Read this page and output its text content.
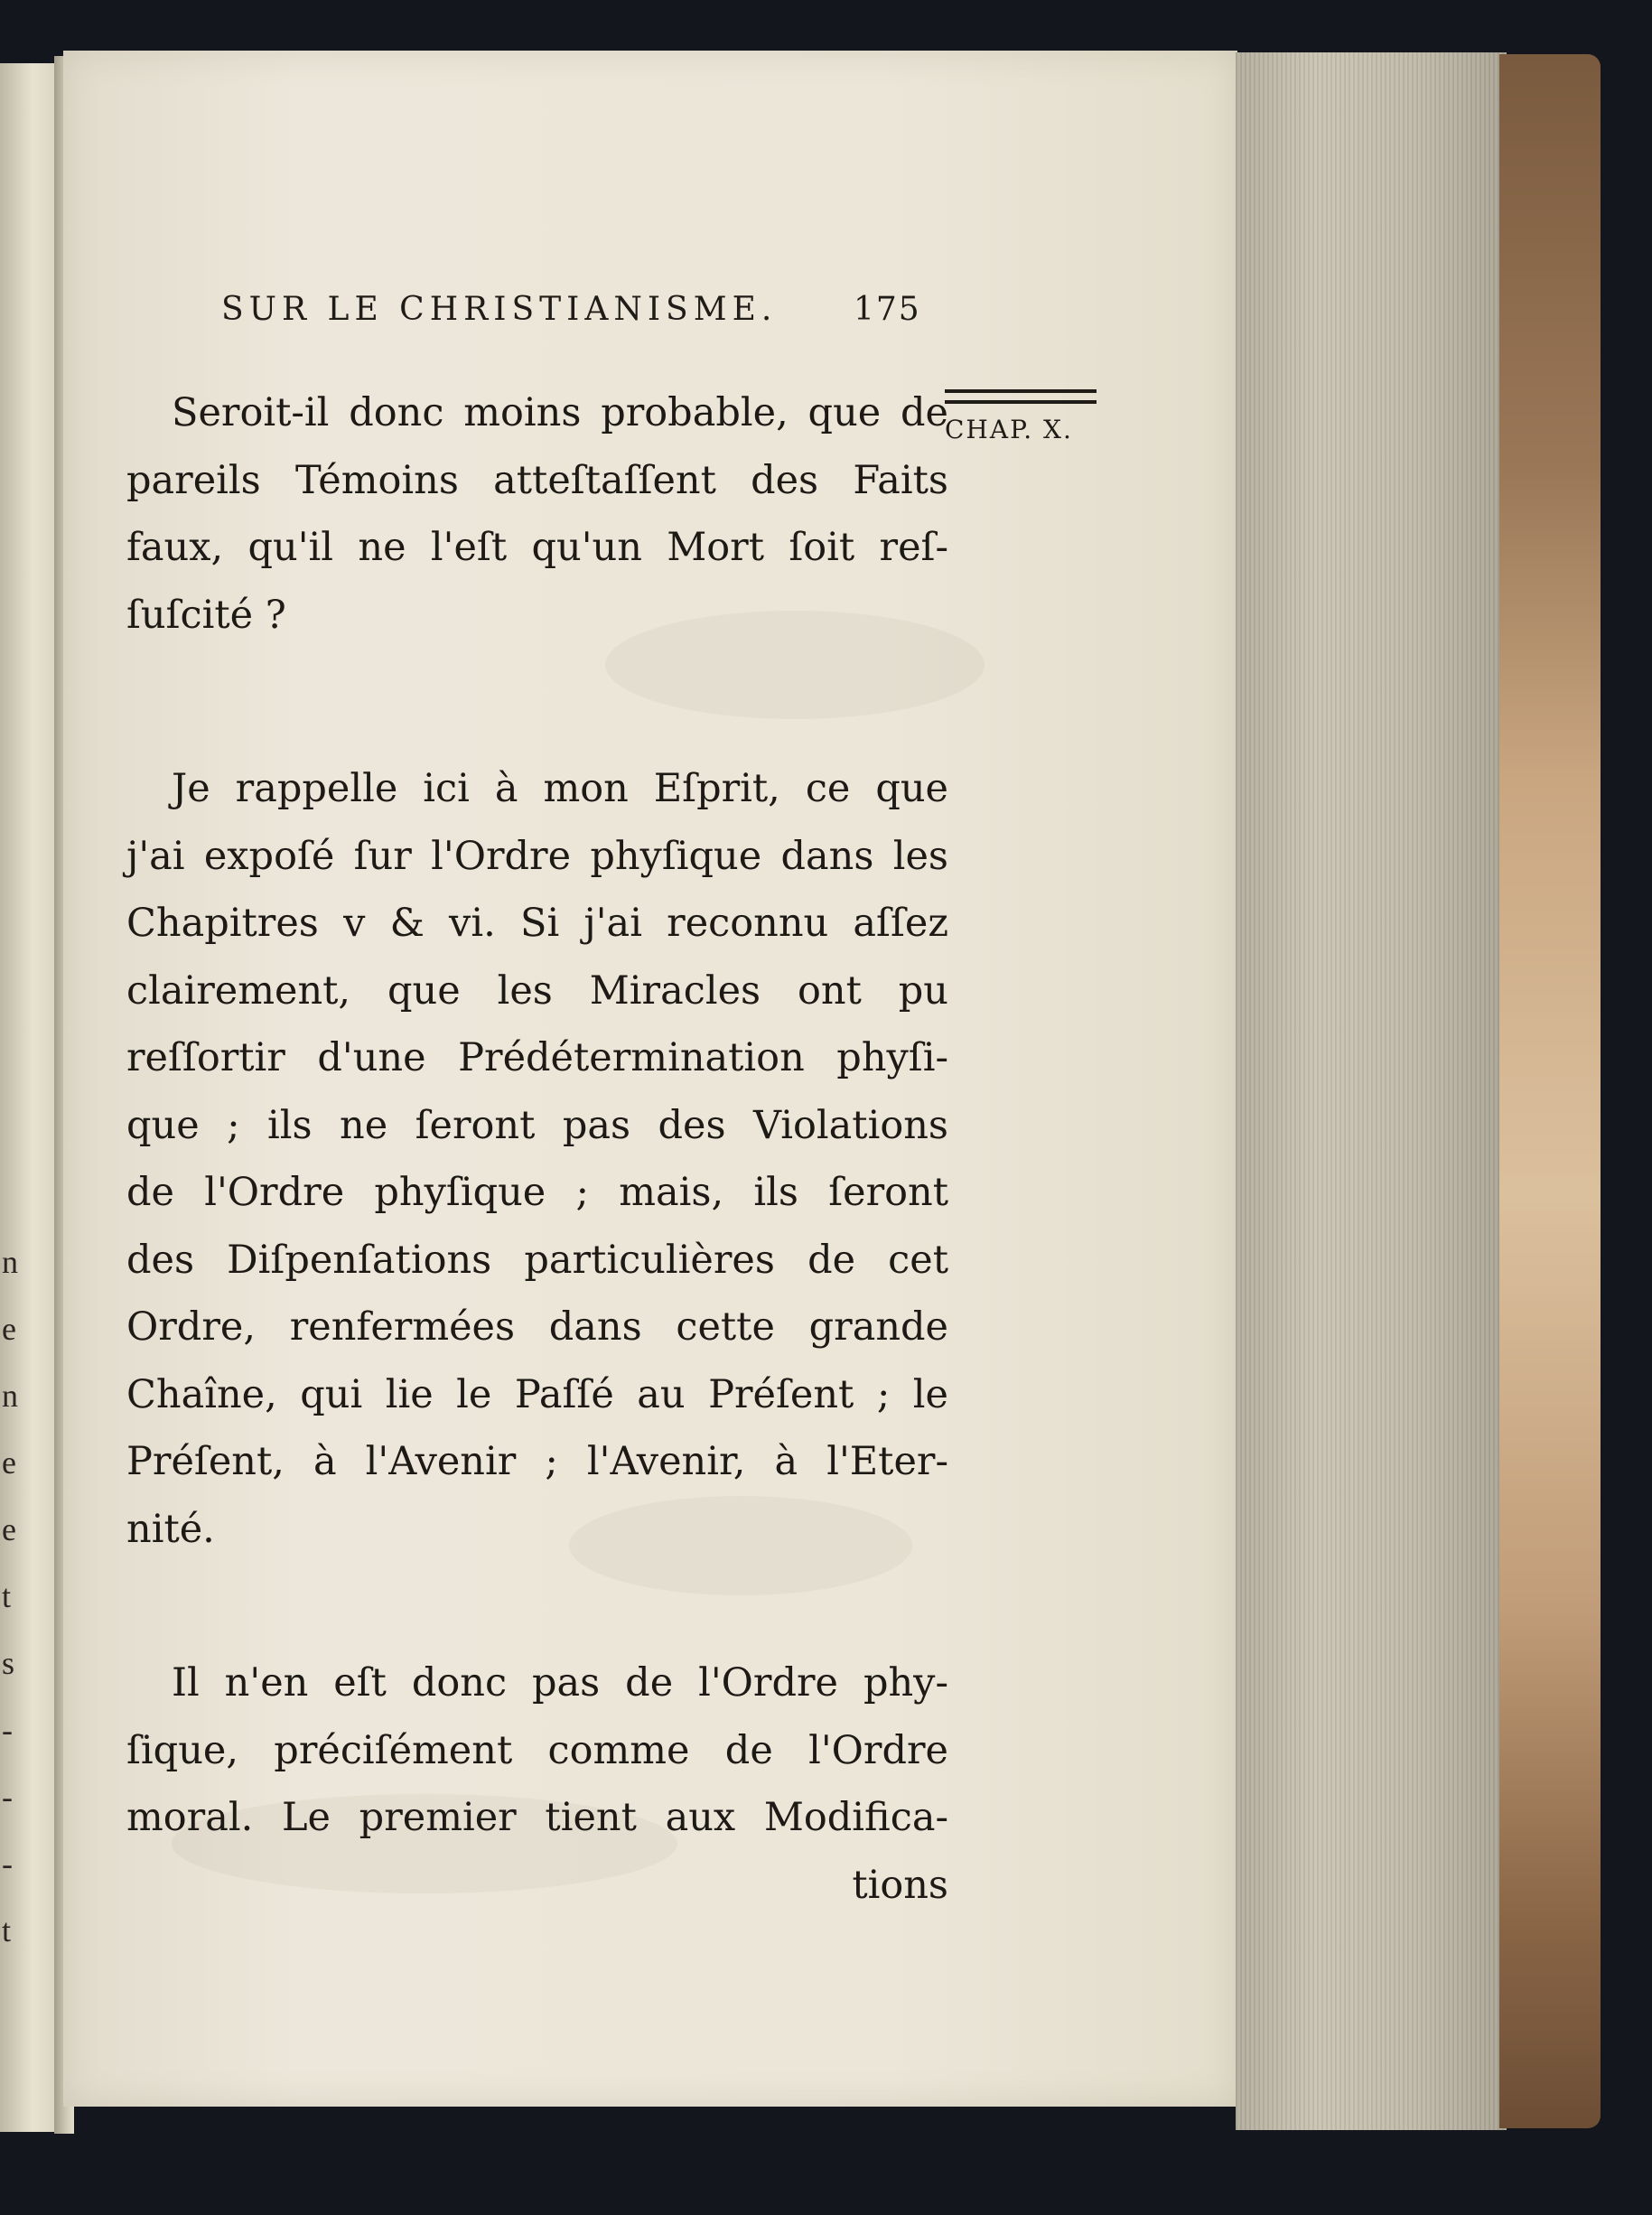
n
e
n
e
e
t
s
-
-
-
t
SUR LE CHRISTIANISME. 175
CHAP. X.
Seroit-il donc moins probable, que de
pareils Témoins atteſtaſſent des Faits
faux, qu'il ne l'eſt qu'un Mort ſoit reſ-
ſuſcité ?
Je rappelle ici à mon Eſprit, ce que
j'ai expoſé ſur l'Ordre phyſique dans les
Chapitres v & vi. Si j'ai reconnu aſſez
clairement, que les Miracles ont pu
reſſortir d'une Prédétermination phyſi-
que ; ils ne ſeront pas des Violations
de l'Ordre phyſique ; mais, ils ſeront
des Diſpenſations particulières de cet
Ordre, renfermées dans cette grande
Chaîne, qui lie le Paſſé au Préſent ; le
Préſent, à l'Avenir ; l'Avenir, à l'Eter-
nité.
Il n'en eſt donc pas de l'Ordre phy-
ſique, préciſément comme de l'Ordre
moral. Le premier tient aux Modifica-
tions
